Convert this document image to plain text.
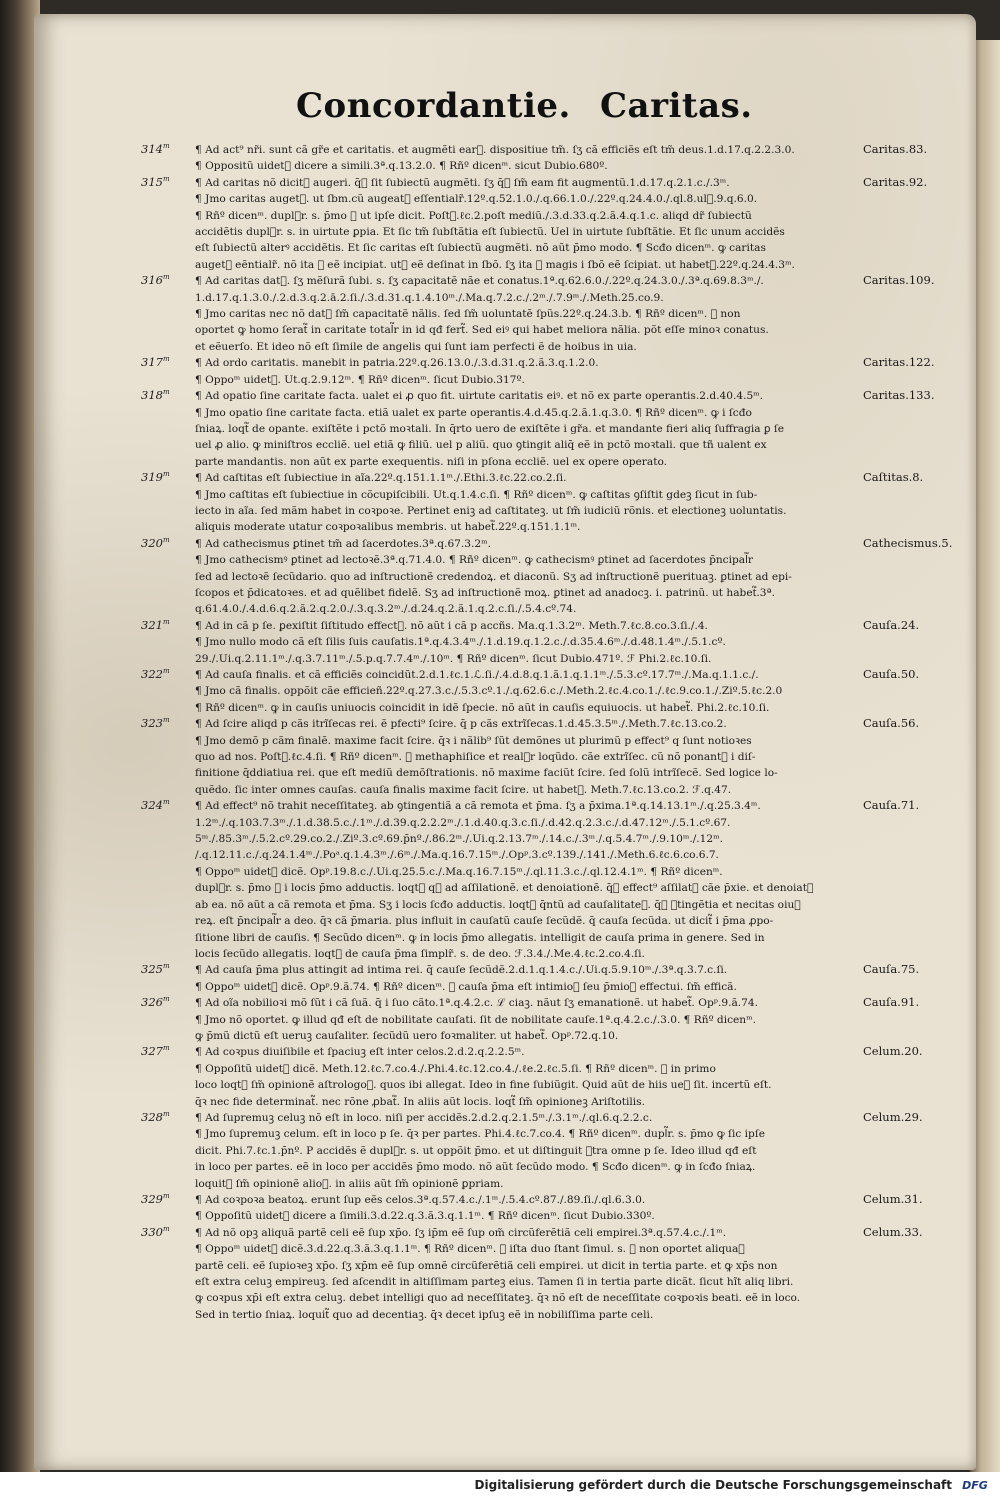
Concordantie. Caritas.
314$^m$	Caritas.83.
¶ Ad act⁹ nr̃i. sunt cã gr̃e et caritatis. et augmẽti ear᷑. dispositiue tm̃. ſʒ cã efficiẽs eſt tm̃ deus.1.d.17.q.2.2.3.0.
¶ Oppositũ uidet᷑ dicere a simili.3ª.q.13.2.0. ¶ Rñº dicenᵐ. sicut Dubio.680º.
315$^m$	Caritas.92.
¶ Ad caritas nõ dicit᷑ augeri. q̄ꝛ ſit ſubiectũ augmẽti. ſʒ q̄ꝛ ſm̃ eam fit augmentũ.1.d.17.q.2.1.c./.3ᵐ.
¶ Jmo caritas auget᷑. ut ſbm.cũ augeat᷑ eſſentialr̃.12º.q.52.1.0./.q.66.1.0./.22º.q.24.4.0./.ql.8.ul᷑.9.q.6.0.
¶ Rñº dicenᵐ. dupl᷑r. s. p̄mo ꝙ ut ipſe dicit. Poſt᷑.ℓc.2.poſt mediũ./.3.d.33.q.2.ã.4.q.1.c. aliqd dr̃ ſubiectũ
accidẽtis dupl᷑r. s. in uirtute ꝑpia. Et ſic tm̃ ſubſtãtia eſt ſubiectũ. Uel in uirtute ſubſtãtie. Et ſic unum accidẽs
eſt ſubiectũ alterꝰ accidẽtis. Et ſic caritas eſt ſubiectũ augmẽti. nõ aũt p̄mo modo. ¶ Scđo dicenᵐ. ꝙ caritas
auget᷑ eẽntialr̃. nõ ita ꝙ eẽ incipiat. ut᷑ eẽ deſinat in ſbõ. ſʒ ita ꝙ magis i ſbõ eẽ ſcipiat. ut habet᷑.22º.q.24.4.3ᵐ.
316$^m$	Caritas.109.
¶ Ad caritas dat᷑. ſʒ mẽſurã ſubi. s. ſʒ capacitatẽ nãe et conatus.1ª.q.62.6.0./.22º.q.24.3.0./.3ª.q.69.8.3ᵐ./.
1.d.17.q.1.3.0./.2.d.3.q.2.ā.2.ſi./.3.d.31.q.1.4.10ᵐ./.Ma.q.7.2.c./.2ᵐ./.7.9ᵐ./.Meth.25.co.9.
¶ Jmo caritas nec nõ dat᷑ ſm̃ capacitatẽ nãlis. ſed ſm̃ uoluntatẽ ſpũs.22º.q.24.3.b. ¶ Rñº dicenᵐ. ꝙ non
oportet ꝙ homo ſerat᷑ in caritate total᷑r in id qđ fert᷑. Sed eiꝰ qui habet meliora nãlia. põt eſſe minoꝛ conatus.
et eẽuerſo. Et ideo nõ eſt ſimile de angelis qui ſunt iam perfecti ẽ de hoibus in uia.
317$^m$	Caritas.122.
¶ Ad ordo caritatis. manebit in patria.22º.q.26.13.0./.3.d.31.q.2.ã.3.q.1.2.0.
¶ Oppoᵐ uidet᷑. Ut.q.2.9.12ᵐ. ¶ Rñº dicenᵐ. ſicut Dubio.317º.
318$^m$	Caritas.133.
¶ Ad opatio ſine caritate facta. ualet ei ꝓ quo fit. uirtute caritatis eiꝰ. et nõ ex parte operantis.2.d.40.4.5ᵐ.
¶ Jmo opatio ſine caritate facta. etiã ualet ex parte operantis.4.d.45.q.2.ã.1.q.3.0. ¶ Rñº dicenᵐ. ꝙ i ſcđo
ſniaꝝ. loqt᷑ de opante. exiſtẽte i pctõ moꝛtali. In q̄rto uero de exiſtẽte i gr̃a. et mandante fieri aliq ſuffragia ꝑ ſe
uel ꝓ alio. ꝙ miniſtros eccliẽ. uel etiã ꝙ filiũ. uel p aliũ. quo ꝯtingit aliq̄ eẽ in pctõ moꝛtali. que tñ ualent ex
parte mandantis. non aũt ex parte exequentis. niſi in pſona eccliẽ. uel ex opere operato.
319$^m$	Caſtitas.8.
¶ Ad caſtitas eſt ſubiectiue in aĩa.22º.q.151.1.1ᵐ./.Ethi.3.ℓc.22.co.2.ſi.
¶ Jmo caſtitas eſt ſubiectiue in cõcupiſcibili. Ut.q.1.4.c.ſi. ¶ Rñº dicenᵐ. ꝙ caſtitas ꝯſiſtit gdeꝫ ſicut in ſub-
iecto in aĩa. ſed mãm habet in coꝛpoꝛe. Pertinet eniꝫ ad caſtitateꝫ. ut ſm̃ iudiciũ rõnis. et electioneꝫ uoluntatis.
aliquis moderate utatur coꝛpoꝛalibus membris. ut habet᷑.22º.q.151.1.1ᵐ.
320$^m$	Cathecismus.5.
¶ Ad cathecismus ꝑtinet tm̃ ad ſacerdotes.3ª.q.67.3.2ᵐ.
¶ Jmo cathecismꝰ ꝑtinet ad lectoꝛẽ.3ª.q.71.4.0. ¶ Rñº dicenᵐ. ꝙ cathecismꝰ ꝑtinet ad ſacerdotes p̄ncipal᷑r
ſed ad lectoꝛẽ ſecũdario. quo ad inſtructionẽ credendoꝝ. et diaconũ. Sʒ ad inſtructionẽ puerituaꝫ. ꝑtinet ad epi-
ſcopos et p̄dicatoꝛes. et ad quẽlibet fidelẽ. Sʒ ad inſtructionẽ moꝝ. ꝑtinet ad anadocꝫ. i. patrinũ. ut habet᷑.3ª.
q.61.4.0./.4.d.6.q.2.ã.2.q.2.0./.3.q.3.2ᵐ./.d.24.q.2.ã.1.q.2.c.ſi./.5.4.cº.74.
321$^m$	Cauſa.24.
¶ Ad in cã p ſe. ꝑexiſtit ſiſtitudo effect᷑. nõ aũt i cã p accñs. Ma.q.1.3.2ᵐ. Meth.7.ℓc.8.co.3.ſi./.4.
¶ Jmo nullo modo cã eſt ſilis ſuis cauſatis.1ª.q.4.3.4ᵐ./.1.d.19.q.1.2.c./.d.35.4.6ᵐ./.d.48.1.4ᵐ./.5.1.cº.
29./.Ui.q.2.11.1ᵐ./.q.3.7.11ᵐ./.5.p.q.7.7.4ᵐ./.10ᵐ. ¶ Rñº dicenᵐ. ſicut Dubio.471º. ℱ Phi.2.ℓc.10.ſi.
322$^m$	Cauſa.50.
¶ Ad cauſa finalis. et cã efficiẽs coincidũt.2.d.1.ℓc.1.ℒ.ſi./.4.d.8.q.1.ã.1.q.1.1ᵐ./.5.3.cº.17.7ᵐ./.Ma.q.1.1.c./.
¶ Jmo cã finalis. oppõit cãe efficieñ.22º.q.27.3.c./.5.3.cº.1./.q.62.6.c./.Meth.2.ℓc.4.co.1./.ℓc.9.co.1./.Ziº.5.ℓc.2.0
¶ Rñº dicenᵐ. ꝙ in cauſis uniuocis coincidit in idẽ ſpecie. nõ aũt in cauſis equiuocis. ut habet᷑. Phi.2.ℓc.10.ſi.
323$^m$	Cauſa.56.
¶ Ad ſcire aliqd p cãs itrĩſecas rei. ẽ pfecti⁹ ſcire. q̄ p cãs extrĩſecas.1.d.45.3.5ᵐ./.Meth.7.ℓc.13.co.2.
¶ Jmo demõ p cãm finalẽ. maxime facit ſcire. q̄ꝛ i nãlib⁹ ſũt demõnes ut plurimũ p effect⁹ q ſunt notioꝛes
quo ad nos. Poſt᷑.ℓc.4.ſi. ¶ Rñº dicenᵐ. ꝙ methaphiſice et real᷑r loqũdo. cãe extrĩſec. cũ nõ ponant᷑ i diſ-
finitione q̄ddiatiua rei. que eſt mediũ demõſtrationis. nõ maxime faciũt ſcire. ſed ſolũ intrĩſecẽ. Sed logice lo-
quẽdo. ſic inter omnes cauſas. cauſa finalis maxime facit ſcire. ut habet᷑. Meth.7.ℓc.13.co.2. ℱ.q.47.
324$^m$	Cauſa.71.
¶ Ad effect⁹ nõ trahit neceſſitateꝫ. ab ꝯtingentiã a cã remota et p̄ma. ſʒ a p̄xima.1ª.q.14.13.1ᵐ./.q.25.3.4ᵐ.
1.2ᵐ./.q.103.7.3ᵐ./.1.d.38.5.c./.1ᵐ./.d.39.q.2.2.2ᵐ./.1.d.40.q.3.c.ſi./.d.42.q.2.3.c./.d.47.12ᵐ./.5.1.cº.67.
5ᵐ./.85.3ᵐ./.5.2.cº.29.co.2./.Ziº.3.cº.69.p̄nº./.86.2ᵐ./.Ui.q.2.13.7ᵐ./.14.c./.3ᵐ./.q.5.4.7ᵐ./.9.10ᵐ./.12ᵐ.
/.q.12.11.c./.q.24.1.4ᵐ./.Poᵃ.q.1.4.3ᵐ./.6ᵐ./.Ma.q.16.7.15ᵐ./.Opᵖ.3.cº.139./.141./.Meth.6.ℓc.6.co.6.7.
¶ Oppoᵐ uidet᷑ dicẽ. Opᵖ.19.8.c./.Ui.q.25.5.c./.Ma.q.16.7.15ᵐ./.ql.11.3.c./.ql.12.4.1ᵐ. ¶ Rñº dicenᵐ.
dupl᷑r. s. p̄mo ꝙ i locis p̄mo adductis. loqt᷑ qꝫ ad aſſilationẽ. et denoiationẽ. q̄ꝛ effect⁹ aſſilat᷑ cãe p̄xie. et denoiat᷑
ab ea. nõ aũt a cã remota et p̄ma. Sʒ i locis ſcđo adductis. loqt᷑ q̄ntũ ad cauſalitateꝫ. q̄ꝛ ꝯtingẽtia et necitas oiuꝫ
reꝝ. eſt p̄ncipal᷑r a deo. q̄ꝛ cã p̄maria. plus influit in cauſatũ cauſe ſecũdẽ. q̄ cauſa ſecũda. ut dicit᷑ i p̄ma ꝓpo-
ſitione libri de cauſis. ¶ Secũdo dicenᵐ. ꝙ in locis p̄mo allegatis. intelligit de cauſa prima in genere. Sed in
locis ſecũdo allegatis. loqt᷑ de cauſa p̄ma ſimplr̃. s. de deo. ℱ.3.4./.Me.4.ℓc.2.co.4.ſi.
325$^m$	Cauſa.75.
¶ Ad cauſa p̄ma plus attingit ad intima rei. q̄ cauſe ſecũdẽ.2.d.1.q.1.4.c./.Ui.q.5.9.10ᵐ./.3ª.q.3.7.c.ſi.
¶ Oppoᵐ uidet᷑ dicẽ. Opᵖ.9.ã.74. ¶ Rñº dicenᵐ. ꝙ cauſa p̄ma eſt intimioꝛ ſeu p̄mioꝛ effectui. ſm̃ efficã.
326$^m$	Cauſa.91.
¶ Ad oĩa nobilioꝛi mõ ſũt i cã ſuã. q̄ i ſuo cãto.1ª.q.4.2.c. ℒ ciaꝫ. nãut ſʒ emanationẽ. ut habet᷑. Opᵖ.9.ã.74.
¶ Jmo nõ oportet. ꝙ illud qđ eſt de nobilitate cauſati. ſit de nobilitate cauſe.1ª.q.4.2.c./.3.0. ¶ Rñº dicenᵐ.
ꝙ p̄mũ dictũ eſt ueruꝫ cauſaliter. ſecũdũ uero foꝛmaliter. ut habet᷑. Opᵖ.72.q.10.
327$^m$	Celum.20.
¶ Ad coꝛpus diuiſibile et ſpaciuꝫ eſt inter celos.2.d.2.q.2.2.5ᵐ.
¶ Oppoſitũ uidet᷑ dicẽ. Meth.12.ℓc.7.co.4./.Phi.4.ℓc.12.co.4./.ℓe.2.ℓc.5.ſi. ¶ Rñº dicenᵐ. ꝙ in primo
loco loqt᷑ ſm̃ opinionẽ aſtrologoꝝ. quos ibi allegat. Ideo in fine ſubiũgit. Quid aũt de hiis ueꝝ ſit. incertũ eſt.
q̄ꝛ nec fide determinat᷑. nec rõne ꝓbat᷑. In aliis aũt locis. loqt᷑ ſm̃ opinioneꝫ Ariſtotilis.
328$^m$	Celum.29.
¶ Ad ſupremuꝫ celuꝫ nõ eſt in loco. niſi per accidẽs.2.d.2.q.2.1.5ᵐ./.3.1ᵐ./.ql.6.q.2.2.c.
¶ Jmo ſupremuꝫ celum. eſt in loco p ſe. q̄ꝛ per partes. Phi.4.ℓc.7.co.4. ¶ Rñº dicenᵐ. dupl᷑r. s. p̄mo ꝙ ſic ipſe
dicit. Phi.7.ℓc.1.p̄nº. P accidẽs ẽ dupl᷑r. s. ut oppõit p̄mo. et ut diſtinguit ꝯtra omne p ſe. Ideo illud qđ eſt
in loco per partes. eẽ in loco per accidẽs p̄mo modo. nõ aũt ſecũdo modo. ¶ Scđo dicenᵐ. ꝙ in ſcđo ſniaꝝ.
loquit᷑ ſm̃ opinionẽ alioꝝ. in aliis aũt ſm̃ opinionẽ ꝑpriam.
329$^m$	Celum.31.
¶ Ad coꝛpoꝛa beatoꝝ. erunt ſup eẽs celos.3ª.q.57.4.c./.1ᵐ./.5.4.cº.87./.89.ſi./.ql.6.3.0.
¶ Oppoſitũ uidet᷑ dicere a ſimili.3.d.22.q.3.ã.3.q.1.1ᵐ. ¶ Rñº dicenᵐ. ſicut Dubio.330º.
330$^m$	Celum.33.
¶ Ad nõ opꝫ aliquã partẽ celi eẽ ſup xp̄o. ſʒ ip̄m eẽ ſup om̃ circũferẽtiã celi empirei.3ª.q.57.4.c./.1ᵐ.
¶ Oppoᵐ uidet᷑ dicẽ.3.d.22.q.3.ã.3.q.1.1ᵐ. ¶ Rñº dicenᵐ. ꝙ iſta duo ſtant ſimul. s. ꝙ non oportet aliquaꝫ
partẽ celi. eẽ ſupioꝛeꝫ xp̄o. ſʒ xp̄m eẽ ſup omnẽ circũferẽtiã celi empirei. ut dicit in tertia parte. et ꝙ xp̄s non
eſt extra celuꝫ empireuꝫ. ſed aſcendit in altiſſimam parteꝫ eius. Tamen ſi in tertia parte dicãt. ſicut hĩt aliq libri.
ꝙ coꝛpus xp̄i eſt extra celuꝫ. debet intelligi quo ad neceſſitateꝫ. q̄ꝛ nõ eſt de neceſſitate coꝛpoꝛis beati. eẽ in loco.
Sed in tertio ſniaꝝ. loquit᷑ quo ad decentiaꝫ. q̄ꝛ decet ipſuꝫ eẽ in nobiliſſima parte celi.
Digitalisierung gefördert durch die Deutsche Forschungsgemeinschaft DFG
